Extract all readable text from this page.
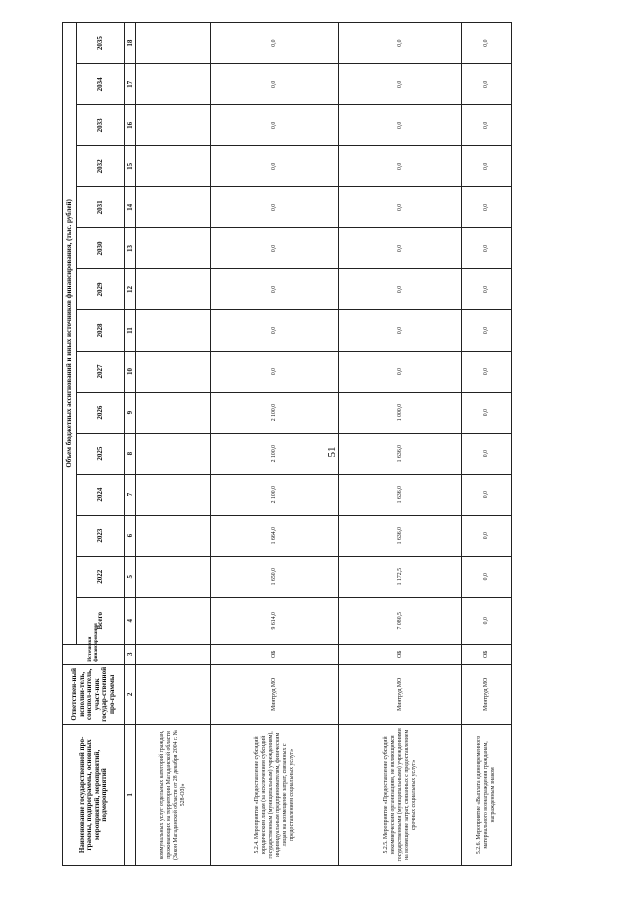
51
Наименование государственной про-граммы, подпрограммы, основных мероприятий, мероприятий, подмероприятий	Ответствен-ный исполни-тель, соиспол-нитель, участ-ник государ-ственной про-граммы	Источники финансирования	Объем бюджетных ассигнований и иных источников финансирования, (тыс. рублей)														
			Всего	2022	2023	2024	2025	2026	2027	2028	2029	2030	2031	2032	2033	2034	2035
1	2	3	4	5	6	7	8	9	10	11	12	13	14	15	16	17	18
коммунальных услуг отдельных категорий граждан, проживающих на территории Магаданской области (Закон Магаданской области от 28 декабря 2004 г. № 528-ОЗ)»																	
5.2.4. Мероприятие «Предоставление субсидий юридическим лицам (за исключением субсидий государственным (муниципальным) учреждениям), индивидуальным предпринимателям, физическим лицам на возмещение затрат, связанных с предоставлением социальных услуг»	Минтруд МО	ОБ	9 614,0	1 650,0	1 664,0	2 100,0	2 100,0	2 100,0	0,0	0,0	0,0	0,0	0,0	0,0	0,0	0,0	0,0
5.2.5. Мероприятие «Предоставление субсидий некоммерческим организациям, не являющимся государственными (муниципальными) учреждениями на возмещение затрат, связанных с предоставлением срочных социальных услуг»	Минтруд МО	ОБ	7 080,5	1 172,5	1 636,0	1 636,0	1 636,0	1 000,0	0,0	0,0	0,0	0,0	0,0	0,0	0,0	0,0	0,0
5.2.6. Мероприятие «Выплата единовременного материального вознаграждения гражданам, награжденным знаком	Минтруд МО	ОБ	0,0	0,0	0,0	0,0	0,0	0,0	0,0	0,0	0,0	0,0	0,0	0,0	0,0	0,0	0,0
